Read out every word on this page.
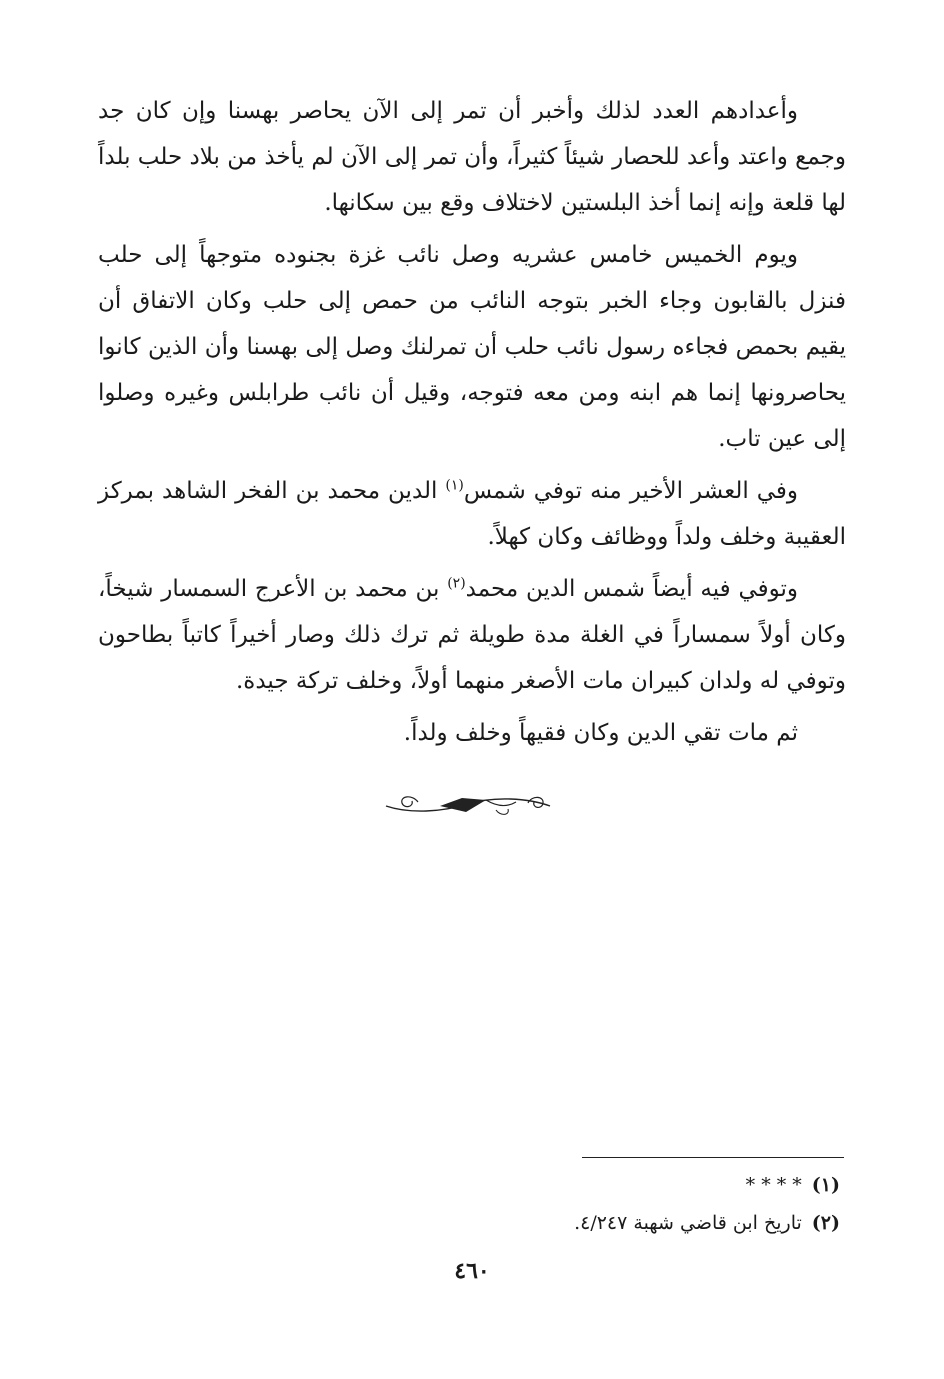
وأعدادهم العدد لذلك وأخبر أن تمر إلى الآن يحاصر بهسنا وإن كان جد وجمع واعتد وأعد للحصار شيئاً كثيراً، وأن تمر إلى الآن لم يأخذ من بلاد حلب بلداً لها قلعة وإنه إنما أخذ البلستين لاختلاف وقع بين سكانها.

ويوم الخميس خامس عشريه وصل نائب غزة بجنوده متوجهاً إلى حلب فنزل بالقابون وجاء الخبر بتوجه النائب من حمص إلى حلب وكان الاتفاق أن يقيم بحمص فجاءه رسول نائب حلب أن تمرلنك وصل إلى بهسنا وأن الذين كانوا يحاصرونها إنما هم ابنه ومن معه فتوجه، وقيل أن نائب طرابلس وغيره وصلوا إلى عين تاب.

وفي العشر الأخير منه توفي شمس$^{(١)}$ الدين محمد بن الفخر الشاهد بمركز العقيبة وخلف ولداً ووظائف وكان كهلاً.

وتوفي فيه أيضاً شمس الدين محمد$^{(٢)}$ بن محمد بن الأعرج السمسار شيخاً، وكان أولاً سمساراً في الغلة مدة طويلة ثم ترك ذلك وصار أخيراً كاتباً بطاحون وتوفي له ولدان كبيران مات الأصغر منهما أولاً، وخلف تركة جيدة.

ثم مات تقي الدين وكان فقيهاً وخلف ولداً.

(١)* * * *
(٢)تاريخ ابن قاضي شهبة ٤/٢٤٧.
٤٦٠
